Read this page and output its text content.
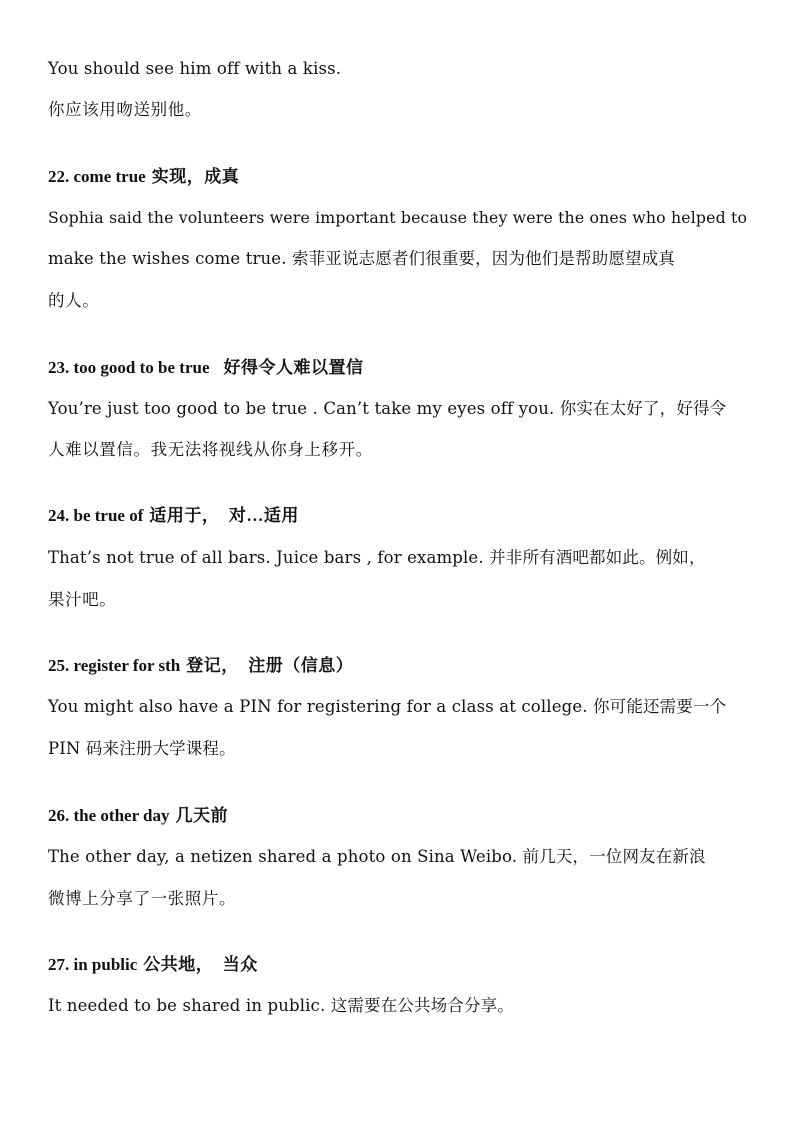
You should see him off with a kiss.
你应该用吻送别他。
22. come true 实现，成真
Sophia said the volunteers were important because they were the ones who helped to
make the wishes come true. 索菲亚说志愿者们很重要，因为他们是帮助愿望成真
的人。
23. too good to be true 好得令人难以置信
You’re just too good to be true . Can’t take my eyes off you. 你实在太好了，好得令
人难以置信。我无法将视线从你身上移开。
24. be true of 适用于，  对…适用
That’s not true of all bars. Juice bars , for example. 并非所有酒吧都如此。例如，
果汁吧。
25. register for sth 登记，  注册（信息）
You might also have a PIN for registering for a class at college. 你可能还需要一个
PIN 码来注册大学课程。
26. the other day 几天前
The other day, a netizen shared a photo on Sina Weibo. 前几天，一位网友在新浪
微博上分享了一张照片。
27. in public 公共地，  当众
It needed to be shared in public. 这需要在公共场合分享。
